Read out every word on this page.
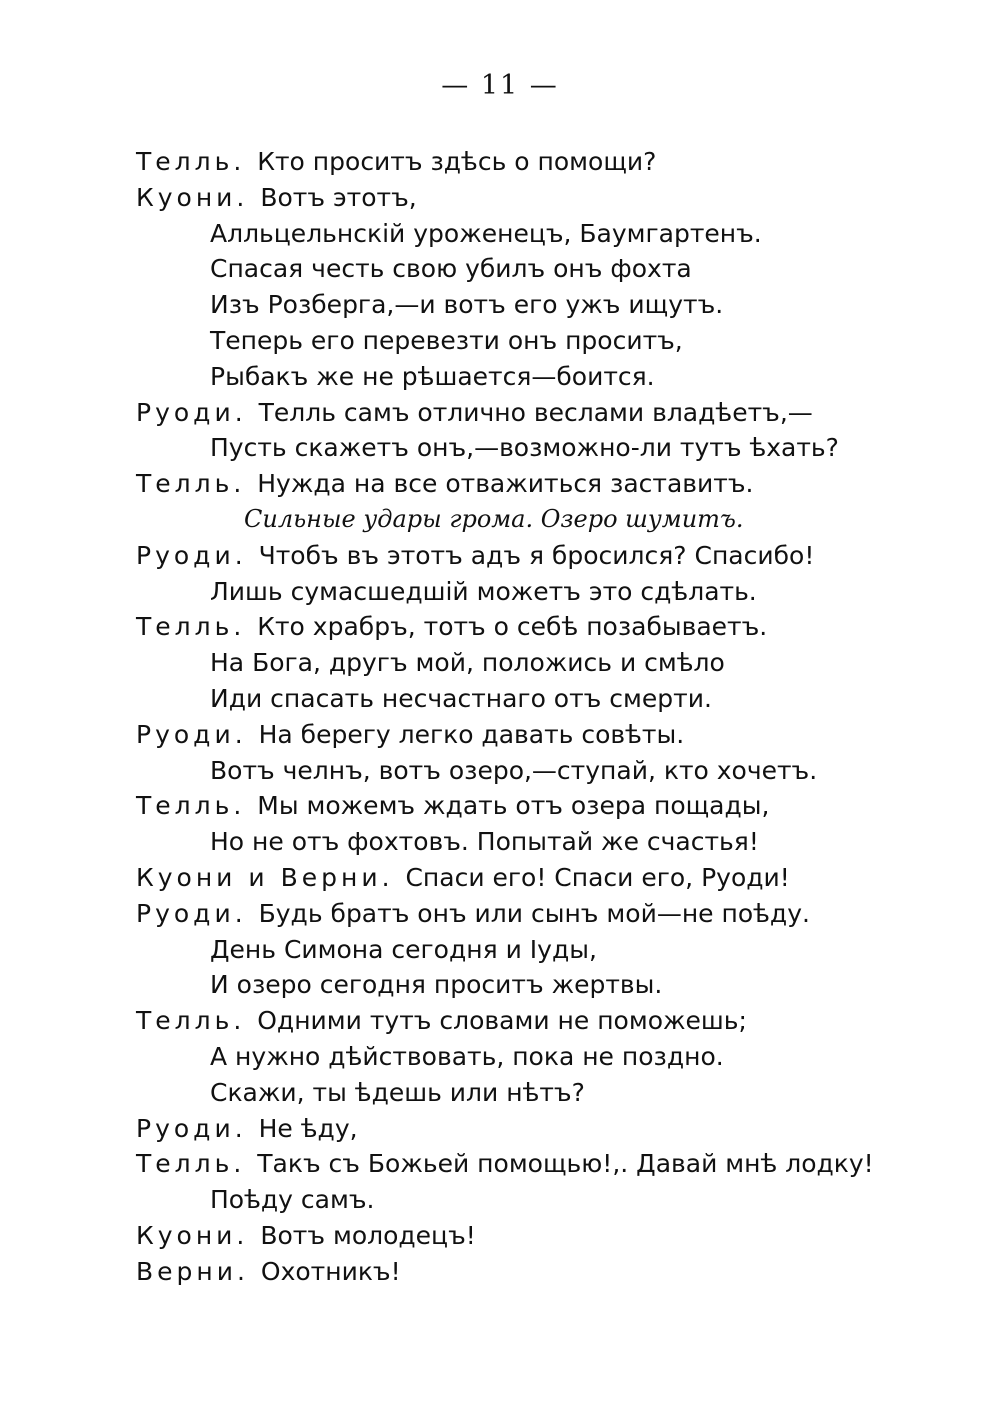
— 11 —
Телль. Кто проситъ здѣсь о помощи?
Куони. Вотъ этотъ,
Алльцельнскій уроженецъ, Баумгартенъ.
Спасая честь свою убилъ онъ фохта
Изъ Розберга,—и вотъ его ужъ ищутъ.
Теперь его перевезти онъ проситъ,
Рыбакъ же не рѣшается—боится.
Руоди. Телль самъ отлично веслами владѣетъ,—
Пусть скажетъ онъ,—возможно-ли тутъ ѣхать?
Телль. Нужда на все отважиться заставитъ.
Сильные удары грома. Озеро шумитъ.
Руоди. Чтобъ въ этотъ адъ я бросился? Спасибо!
Лишь сумасшедшій можетъ это сдѣлать.
Телль. Кто храбръ, тотъ о себѣ позабываетъ.
На Бога, другъ мой, положись и смѣло
Иди спасать несчастнаго отъ смерти.
Руоди. На берегу легко давать совѣты.
Вотъ челнъ, вотъ озеро,—ступай, кто хочетъ.
Телль. Мы можемъ ждать отъ озера пощады,
Но не отъ фохтовъ. Попытай же счастья!
Куони и Верни. Спаси его! Спаси его, Руоди!
Руоди. Будь братъ онъ или сынъ мой—не поѣду.
День Симона сегодня и Іуды,
И озеро сегодня проситъ жертвы.
Телль. Одними тутъ словами не поможешь;
А нужно дѣйствовать, пока не поздно.
Скажи, ты ѣдешь или нѣтъ?
Руоди. Не ѣду,
Телль. Такъ съ Божьей помощью!,. Давай мнѣ лодку!
Поѣду самъ.
Куони. Вотъ молодецъ!
Верни. Охотникъ!
